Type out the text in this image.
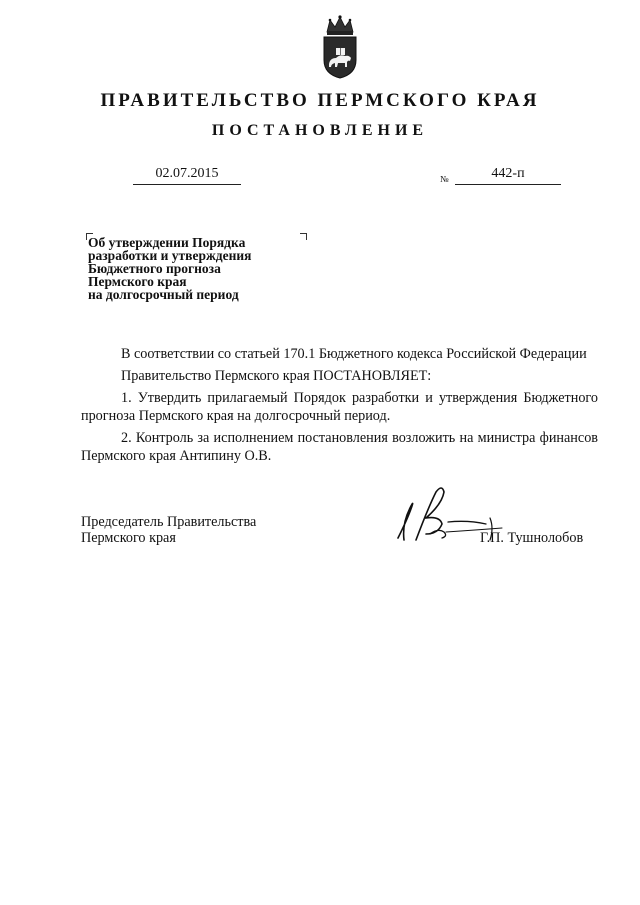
ПРАВИТЕЛЬСТВО ПЕРМСКОГО КРАЯ
ПОСТАНОВЛЕНИЕ
02.07.2015	№	442-п
Об утверждении Порядка
разработки и утверждения
Бюджетного прогноза
Пермского края
на долгосрочный период

В соответствии со статьей 170.1 Бюджетного кодекса Российской Федерации

Правительство Пермского края ПОСТАНОВЛЯЕТ:

1. Утвердить прилагаемый Порядок разработки и утверждения Бюджетного прогноза Пермского края на долгосрочный период.

2. Контроль за исполнением постановления возложить на министра финансов Пермского края Антипину О.В.

Председатель Правительства
Пермского края	Г.П. Тушнолобов
